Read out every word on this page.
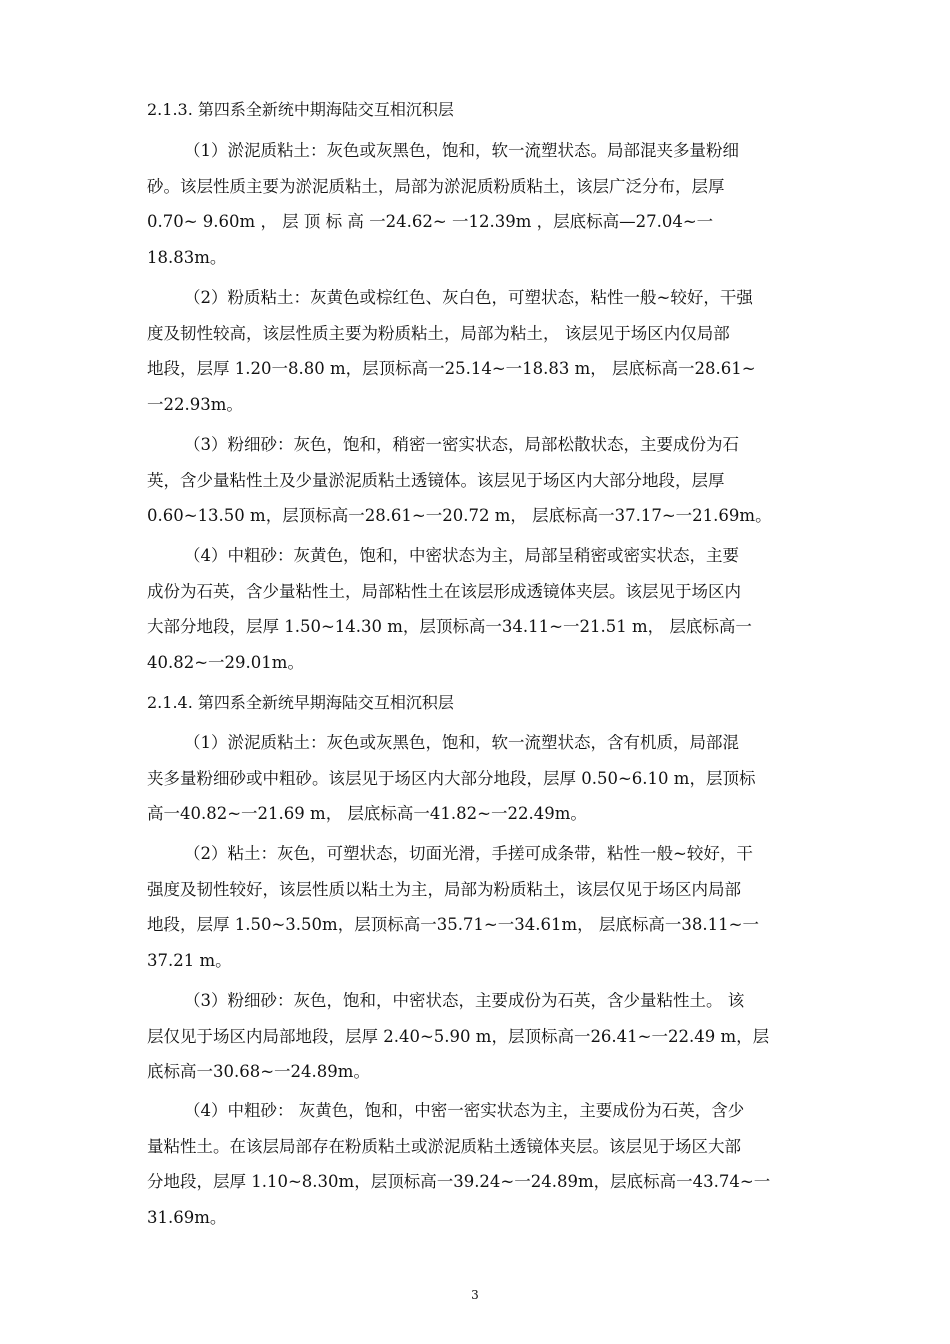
2.1.3. 第四系全新统中期海陆交互相沉积层
（1）淤泥质粘土：灰色或灰黑色，饱和，软一流塑状态。局部混夹多量粉细
砂。该层性质主要为淤泥质粘土，局部为淤泥质粉质粘土，该层广泛分布，层厚
0.70~ 9.60m ， 层 顶 标 高 一24.62~ 一12.39m ，层底标高—27.04~一
18.83m。
（2）粉质粘土：灰黄色或棕红色、灰白色，可塑状态，粘性一般~较好，干强
度及韧性较高，该层性质主要为粉质粘土，局部为粘土， 该层见于场区内仅局部
地段，层厚 1.20一8.80 m，层顶标高一25.14~一18.83 m， 层底标高一28.61~
一22.93m。
（3）粉细砂：灰色，饱和，稍密一密实状态，局部松散状态，主要成份为石
英，含少量粘性土及少量淤泥质粘土透镜体。该层见于场区内大部分地段，层厚
0.60~13.50 m，层顶标高一28.61~一20.72 m， 层底标高一37.17~一21.69m。
（4）中粗砂：灰黄色，饱和，中密状态为主，局部呈稍密或密实状态，主要
成份为石英，含少量粘性土，局部粘性土在该层形成透镜体夹层。该层见于场区内
大部分地段，层厚 1.50~14.30 m，层顶标高一34.11~一21.51 m， 层底标高一
40.82~一29.01m。
2.1.4. 第四系全新统早期海陆交互相沉积层
（1）淤泥质粘土：灰色或灰黑色，饱和，软一流塑状态，含有机质，局部混
夹多量粉细砂或中粗砂。该层见于场区内大部分地段，层厚 0.50~6.10 m，层顶标
高一40.82~一21.69 m， 层底标高一41.82~一22.49m。
（2）粘土：灰色，可塑状态，切面光滑，手搓可成条带，粘性一般~较好，干
强度及韧性较好，该层性质以粘土为主，局部为粉质粘土，该层仅见于场区内局部
地段，层厚 1.50~3.50m，层顶标高一35.71~一34.61m， 层底标高一38.11~一
37.21 m。
（3）粉细砂：灰色，饱和，中密状态，主要成份为石英，含少量粘性土。 该
层仅见于场区内局部地段，层厚 2.40~5.90 m，层顶标高一26.41~一22.49 m，层
底标高一30.68~一24.89m。
（4）中粗砂： 灰黄色，饱和，中密一密实状态为主，主要成份为石英，含少
量粘性土。在该层局部存在粉质粘土或淤泥质粘土透镜体夹层。该层见于场区大部
分地段，层厚 1.10~8.30m，层顶标高一39.24~一24.89m，层底标高一43.74~一
31.69m。
3
